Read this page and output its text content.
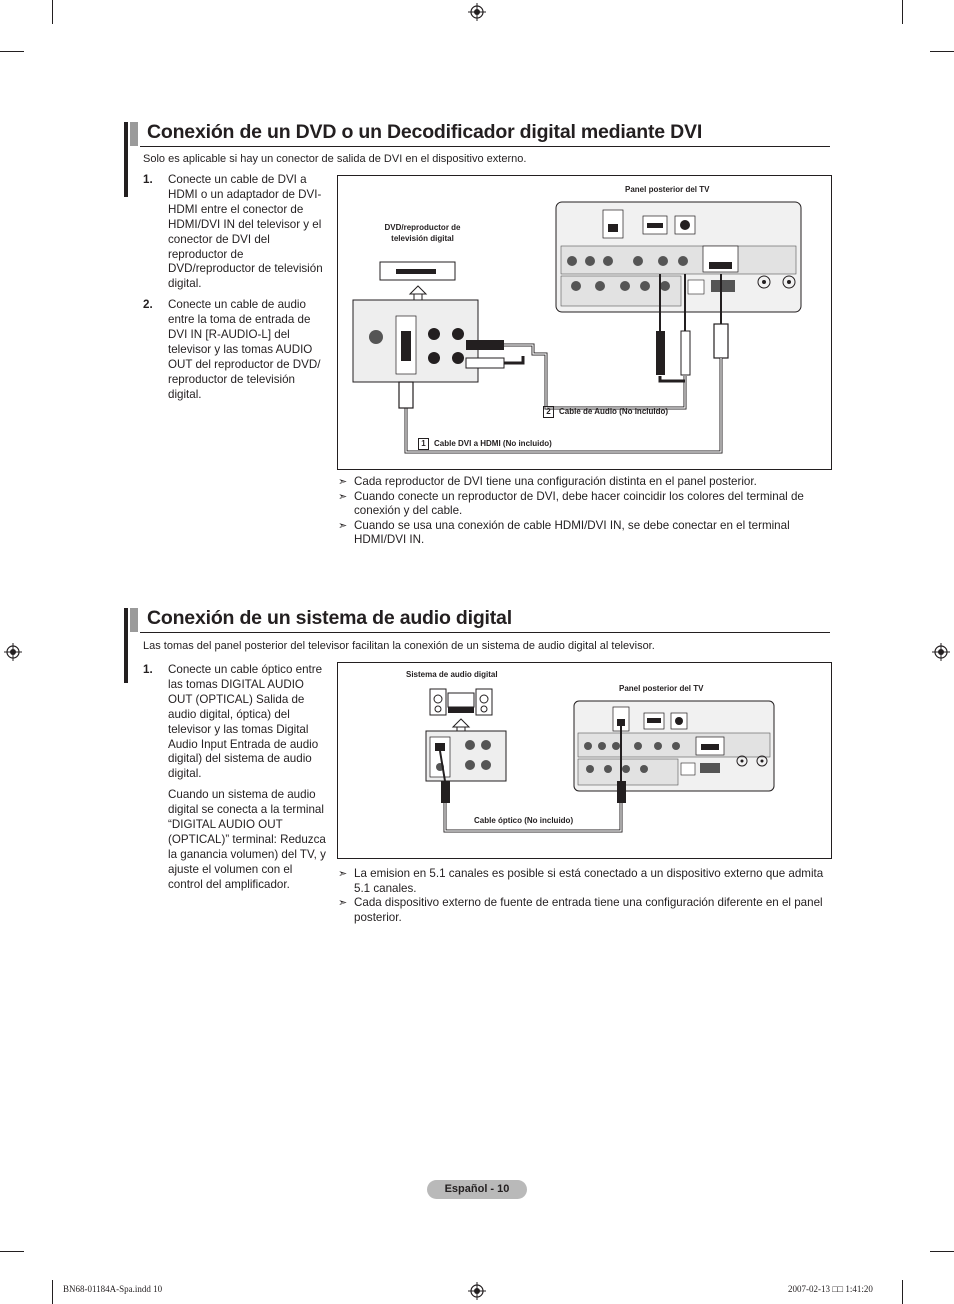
Conexión de un DVD o un Decodificador digital mediante DVI
Solo es aplicable si hay un conector de salida de DVI en el dispositivo externo.
1. Conecte un cable de DVI a HDMI o un adaptador de DVI-HDMI entre el conector de HDMI/DVI IN del televisor y el conector de DVI del reproductor de DVD/reproductor de televisión digital.
2. Conecte un cable de audio entre la toma de entrada de DVI IN [R-AUDIO-L] del televisor y las tomas AUDIO OUT del reproductor de DVD/ reproductor de televisión digital.
Panel posterior del TV
DVD/reproductor de televisión digital
2 Cable de Audio (No incluido)
1 Cable DVI a HDMI (No incluido)
➣ Cada reproductor de DVI tiene una configuración distinta en el panel posterior.
➣ Cuando conecte un reproductor de DVI, debe hacer coincidir los colores del terminal de conexión y del cable.
➣ Cuando se usa una conexión de cable HDMI/DVI IN, se debe conectar en el terminal HDMI/DVI IN.
Conexión de un sistema de audio digital
Las tomas del panel posterior del televisor facilitan la conexión de un sistema de audio digital al televisor.
1. Conecte un cable óptico entre las tomas DIGITAL AUDIO OUT (OPTICAL) Salida de audio digital, óptica) del televisor y las tomas Digital Audio Input Entrada de audio digital) del sistema de audio digital.

Cuando un sistema de audio digital se conecta a la terminal “DIGITAL AUDIO OUT (OPTICAL)” terminal: Reduzca la ganancia volumen) del TV, y ajuste el volumen con el control del amplificador.

Sistema de audio digital
Panel posterior del TV
Cable óptico (No incluido)
➣ La emision en 5.1 canales es posible si está conectado a un dispositivo externo que admita 5.1 canales.
➣ Cada dispositivo externo de fuente de entrada tiene una configuración diferente en el panel posterior.
Español - 10
BN68-01184A-Spa.indd 10	2007-02-13 □□ 1:41:20
